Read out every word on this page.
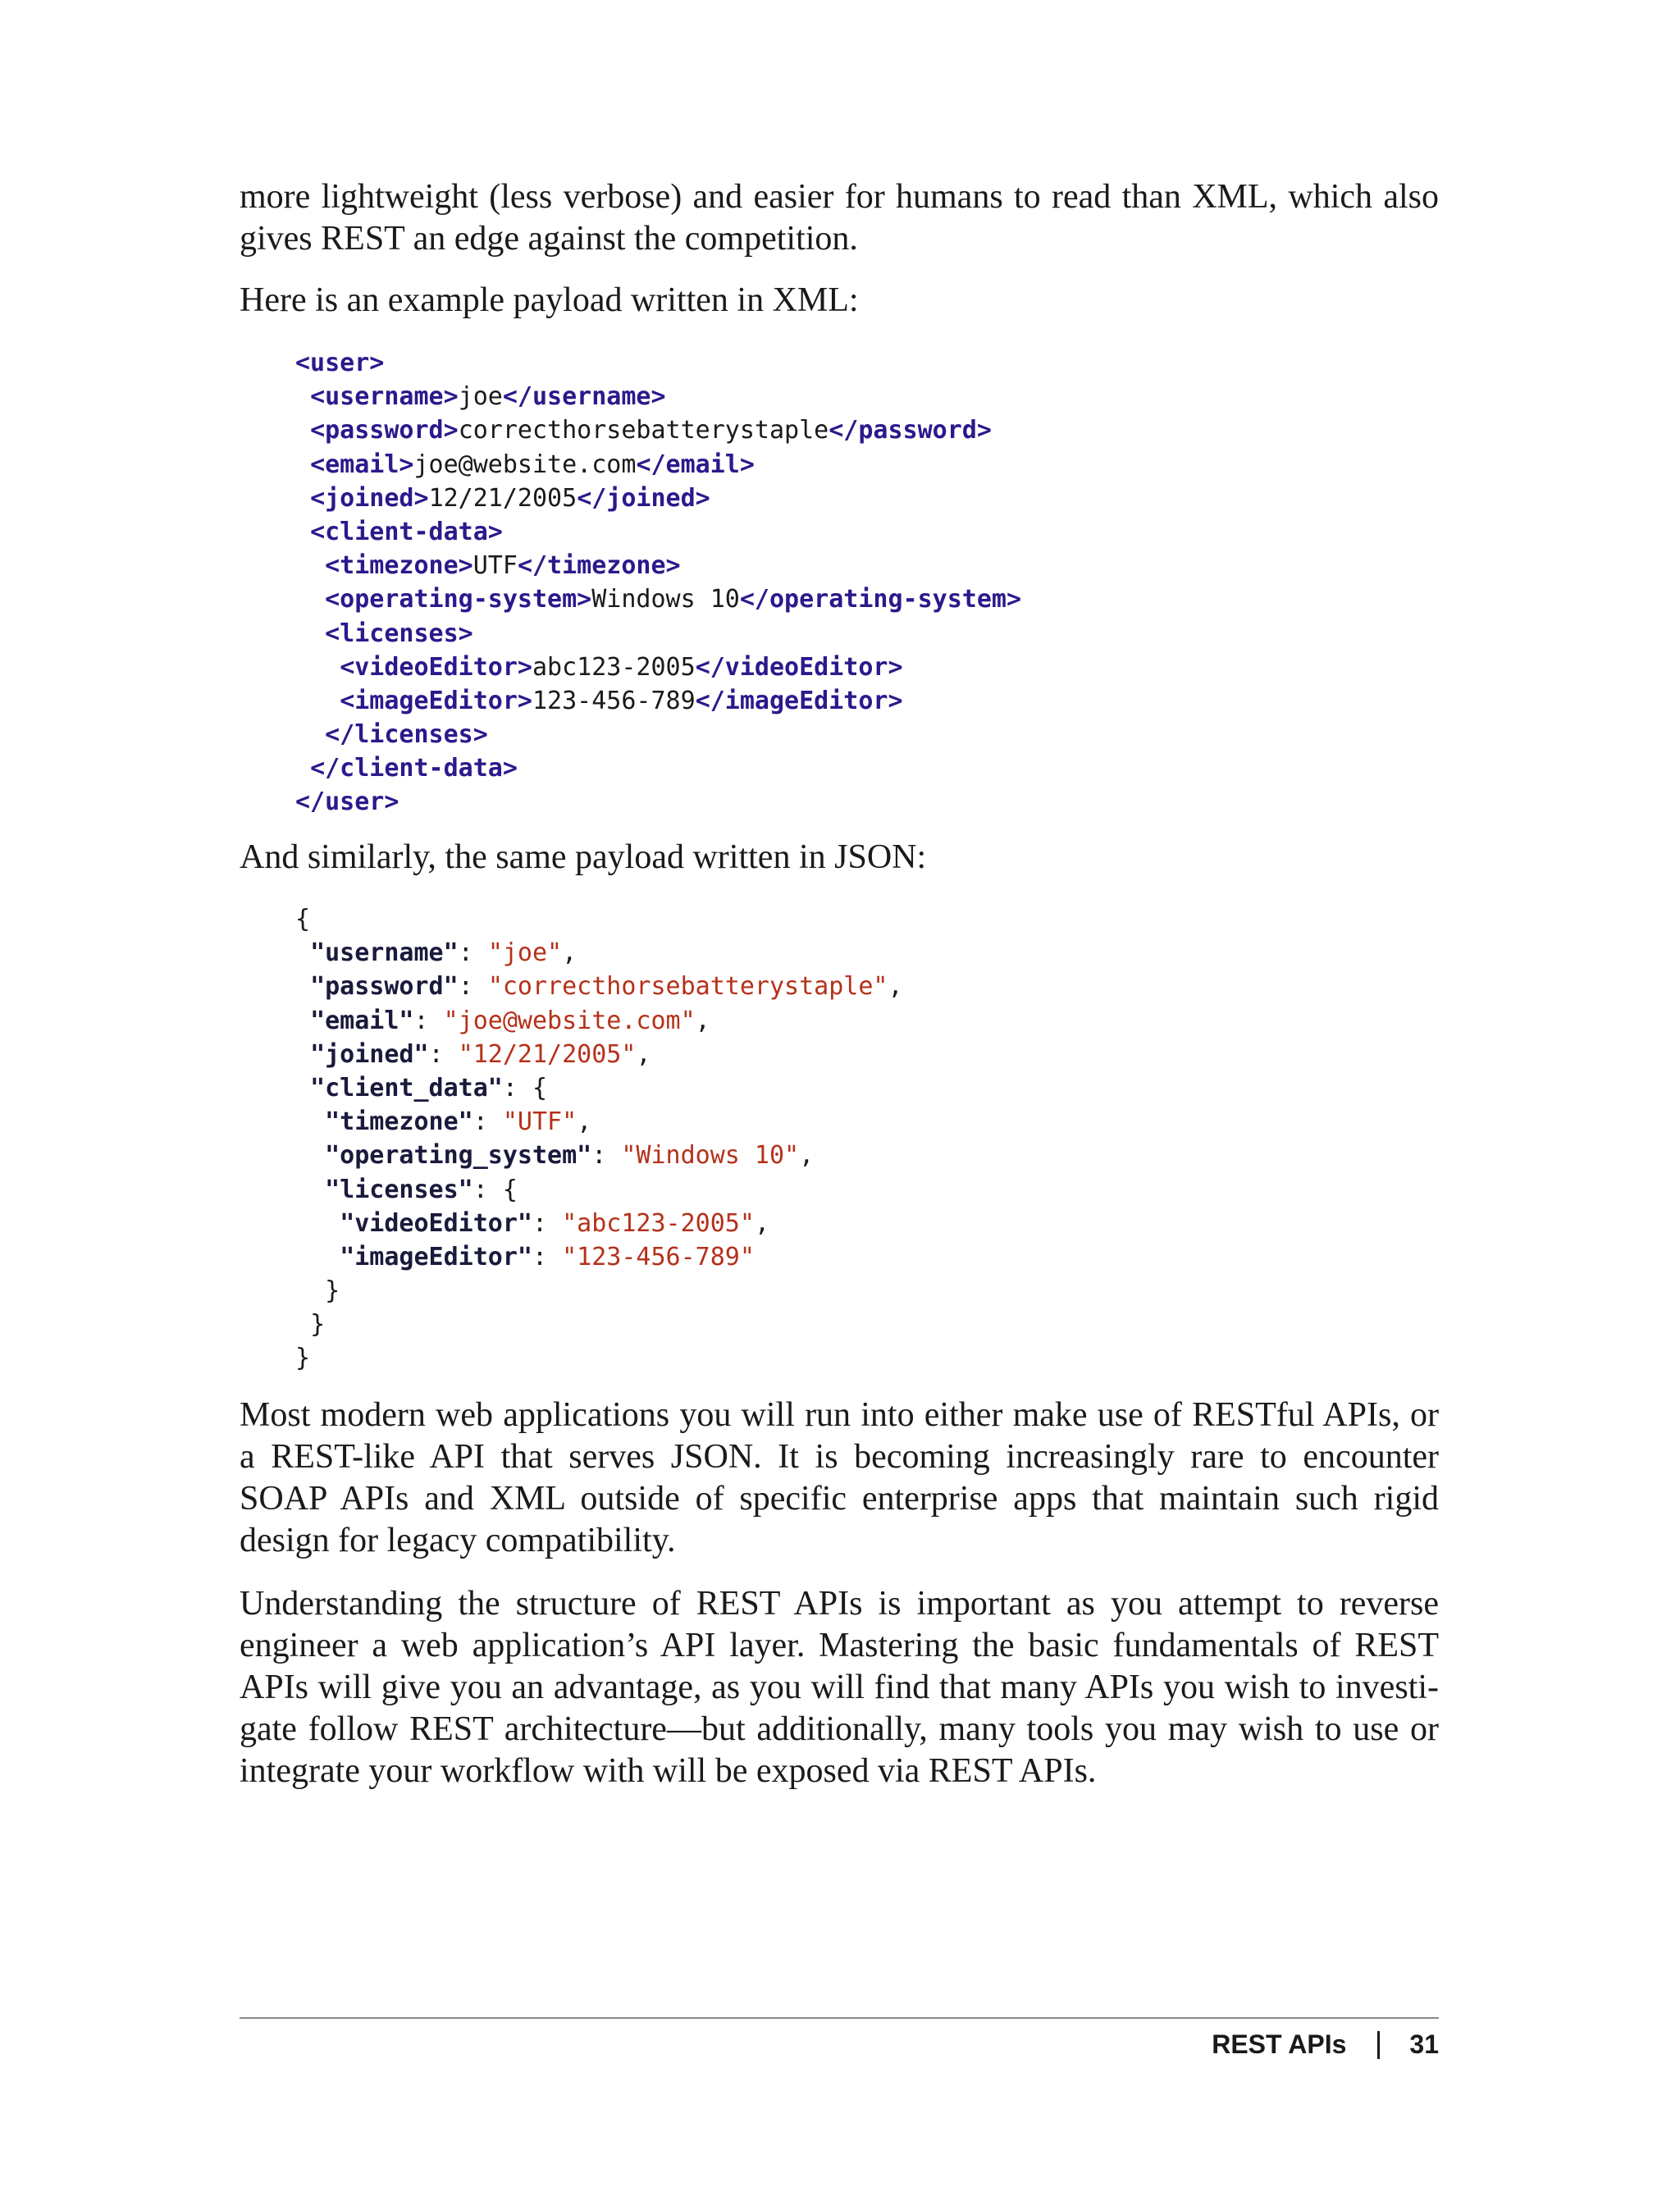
more lightweight (less verbose) and easier for humans to read than XML, which also gives REST an edge against the competition.

Here is an example payload written in XML:

<user>
<username>joe</username>
<password>correcthorsebatterystaple</password>
<email>joe@website.com</email>
<joined>12/21/2005</joined>
<client-data>
<timezone>UTF</timezone>
<operating-system>Windows 10</operating-system>
<licenses>
<videoEditor>abc123-2005</videoEditor>
<imageEditor>123-456-789</imageEditor>
</licenses>
</client-data>
</user>

And similarly, the same payload written in JSON:

{
"username": "joe",
"password": "correcthorsebatterystaple",
"email": "joe@website.com",
"joined": "12/21/2005",
"client_data": {
"timezone": "UTF",
"operating_system": "Windows 10",
"licenses": {
"videoEditor": "abc123-2005",
"imageEditor": "123-456-789"
}
}
}

Most modern web applications you will run into either make use of RESTful APIs, or a REST-like API that serves JSON. It is becoming increasingly rare to encounter SOAP APIs and XML outside of specific enterprise apps that maintain such rigid design for legacy compatibility.

Understanding the structure of REST APIs is important as you attempt to reverse engineer a web application’s API layer. Mastering the basic fundamentals of REST APIs will give you an advantage, as you will find that many APIs you wish to investi-gate follow REST architecture—but additionally, many tools you may wish to use or integrate your workflow with will be exposed via REST APIs.

REST APIs 31
